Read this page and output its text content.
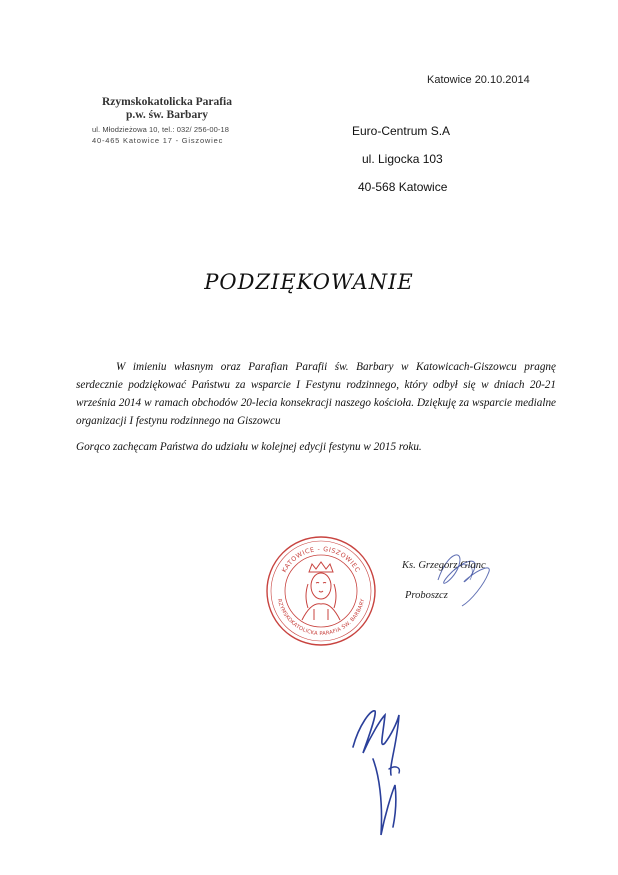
Katowice 20.10.2014
Rzymskokatolicka Parafia
p.w. św. Barbary
ul. Młodzieżowa 10, tel.: 032/ 256-00-18
40-465 Katowice 17 - Giszowiec
Euro-Centrum S.A
ul. Ligocka 103
40-568 Katowice
PODZIĘKOWANIE

W imieniu własnym oraz Parafian Parafii św. Barbary w Katowicach-Giszowcu pragnę serdecznie podziękować Państwu za wsparcie I Festynu rodzinnego, który odbył się w dniach 20-21 września 2014 w ramach obchodów 20-lecia konsekracji naszego kościoła. Dziękuję za wsparcie medialne organizacji I festynu rodzinnego na Giszowcu

Gorąco zachęcam Państwa do udziału w kolejnej edycji festynu w 2015 roku.

KATOWICE - GISZOWIEC
RZYMSKOKATOLICKA PARAFIA ŚW. BARBARY
Ks. Grzegorz Glanc
Proboszcz
